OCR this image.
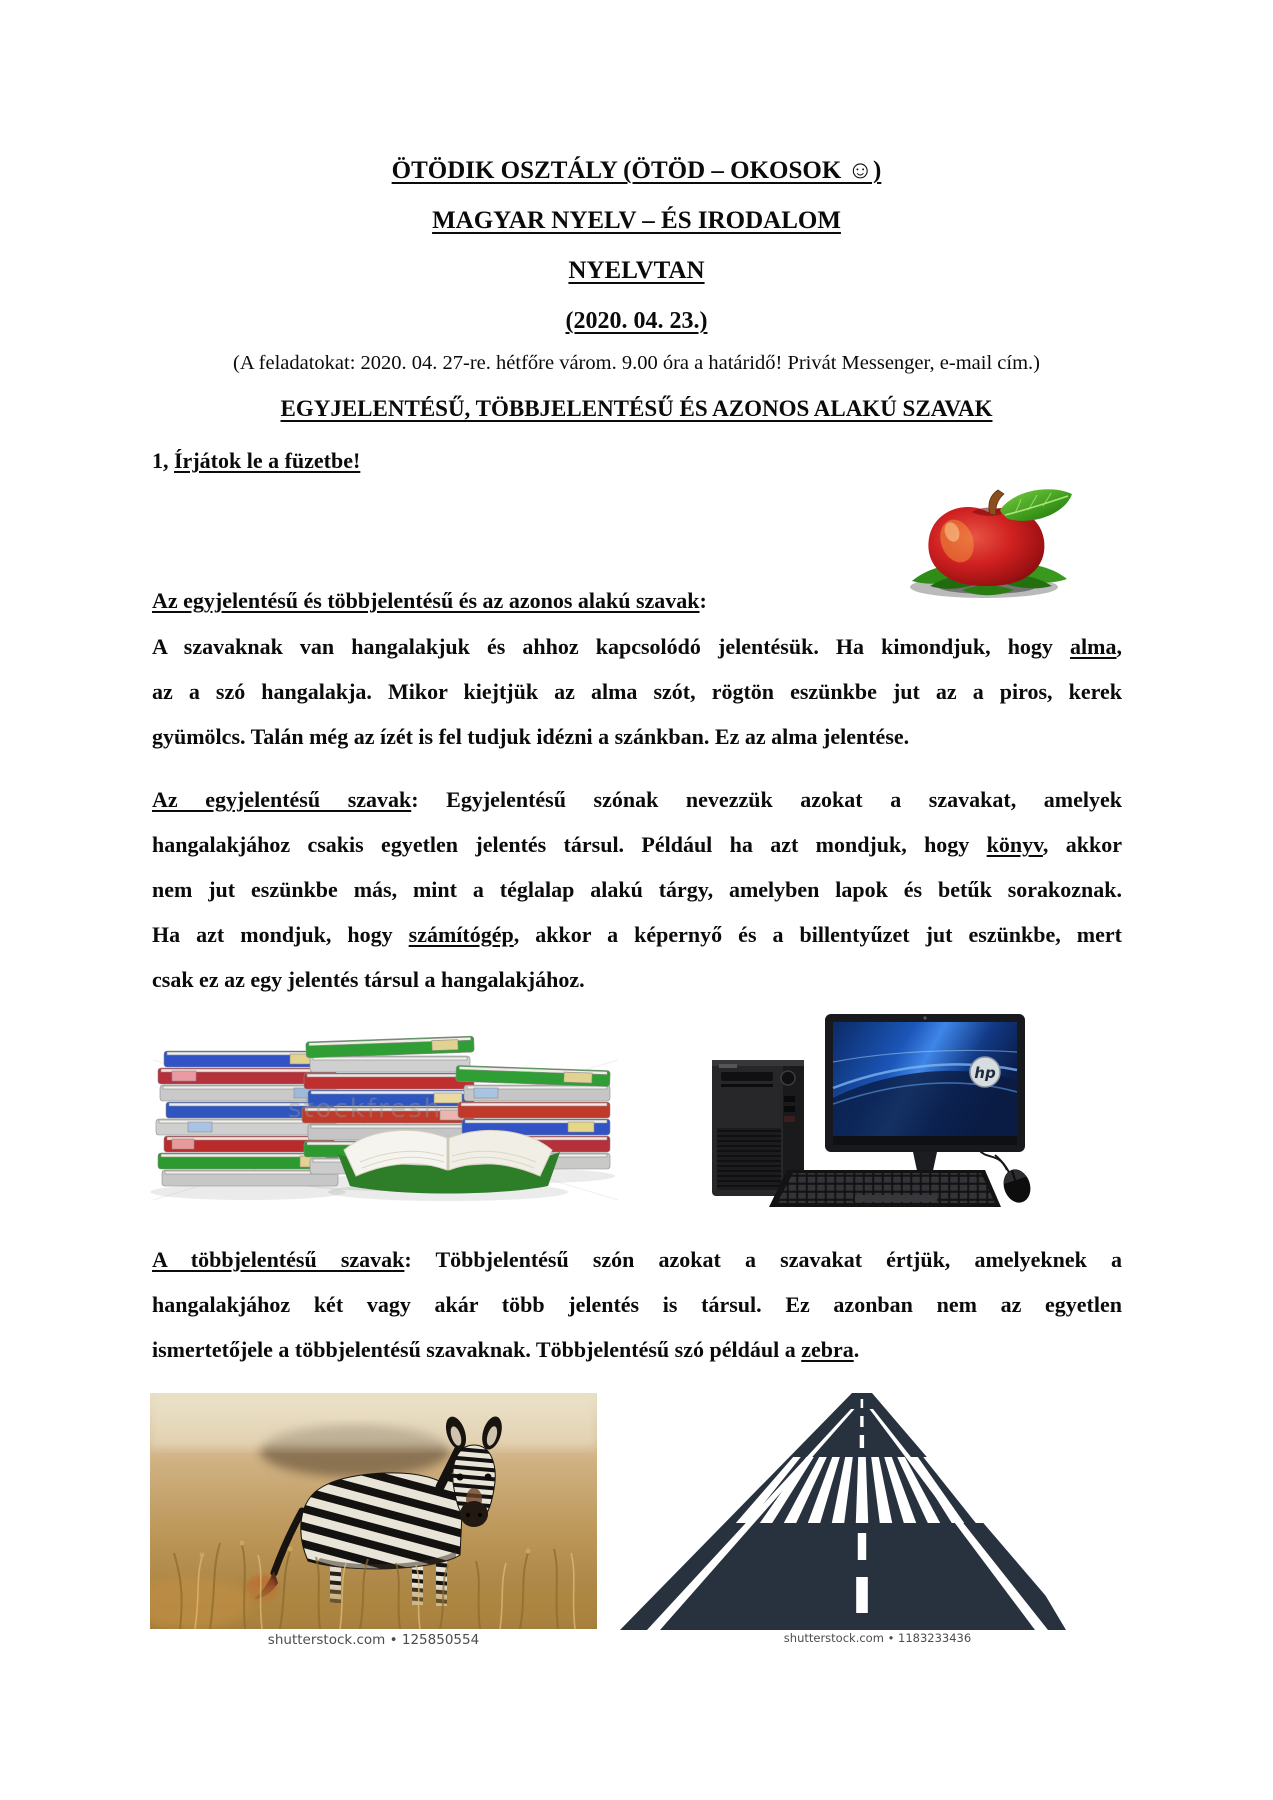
ÖTÖDIK OSZTÁLY (ÖTÖD – OKOSOK ☺)
MAGYAR NYELV – ÉS IRODALOM
NYELVTAN
(2020. 04. 23.)
(A feladatokat: 2020. 04. 27-re. hétfőre várom. 9.00 óra a határidő! Privát Messenger, e-mail cím.)
EGYJELENTÉSŰ, TÖBBJELENTÉSŰ ÉS AZONOS ALAKÚ SZAVAK
1, Írjátok le a füzetbe!
Az egyjelentésű és többjelentésű és az azonos alakú szavak:
A szavaknak van hangalakjuk és ahhoz kapcsolódó jelentésük. Ha kimondjuk, hogy alma,
az a szó hangalakja. Mikor kiejtjük az alma szót, rögtön eszünkbe jut az a piros, kerek
gyümölcs. Talán még az ízét is fel tudjuk idézni a szánkban. Ez az alma jelentése.
Az egyjelentésű szavak: Egyjelentésű szónak nevezzük azokat a szavakat, amelyek
hangalakjához csakis egyetlen jelentés társul. Például ha azt mondjuk, hogy könyv, akkor
nem jut eszünkbe más, mint a téglalap alakú tárgy, amelyben lapok és betűk sorakoznak.
Ha azt mondjuk, hogy számítógép, akkor a képernyő és a billentyűzet jut eszünkbe, mert
csak ez az egy jelentés társul a hangalakjához.
stockfresh
hp
A többjelentésű szavak: Többjelentésű szón azokat a szavakat értjük, amelyeknek a
hangalakjához két vagy akár több jelentés is társul. Ez azonban nem az egyetlen
ismertetőjele a többjelentésű szavaknak. Többjelentésű szó például a zebra.
shutterstock.com • 125850554	shutterstock.com • 1183233436
